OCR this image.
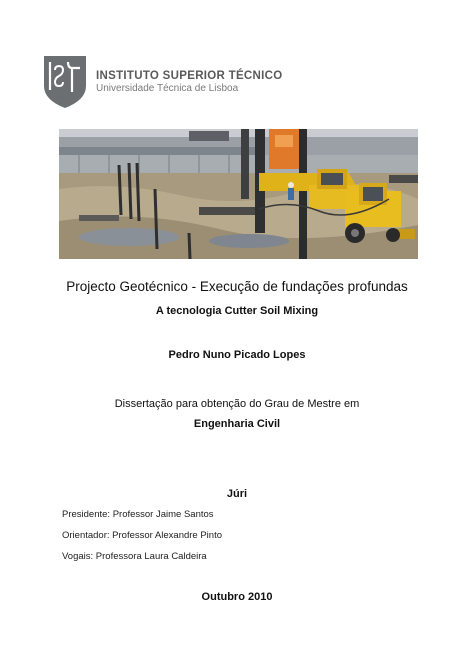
INSTITUTO SUPERIOR TÉCNICO
Universidade Técnica de Lisboa
Projecto Geotécnico - Execução de fundações profundas
A tecnologia Cutter Soil Mixing
Pedro Nuno Picado Lopes
Dissertação para obtenção do Grau de Mestre em
Engenharia Civil
Júri
Presidente: Professor Jaime Santos
Orientador: Professor Alexandre Pinto
Vogais: Professora Laura Caldeira
Outubro 2010
